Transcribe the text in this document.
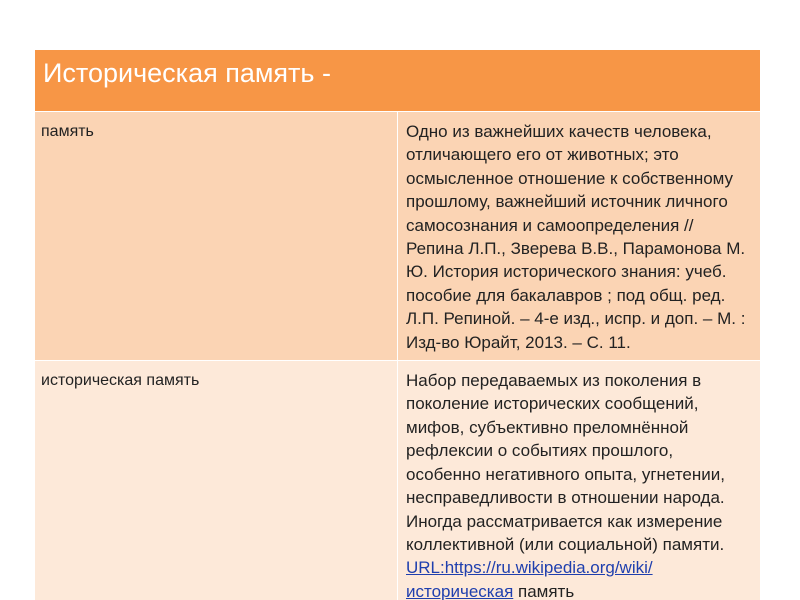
Историческая память -	
память	Одно из важнейших качеств человека, отличающего его от животных; это осмысленное отношение к собственному прошлому, важнейший источник личного самосознания и самоопределения // Репина Л.П., Зверева В.В., Парамонова М. Ю. История исторического знания: учеб. пособие для бакалавров ; под общ. ред. Л.П. Репиной. – 4-е изд., испр. и доп. – М. : Изд-во Юрайт, 2013. – С. 11.
историческая память	Набор передаваемых из поколения в поколение исторических сообщений, мифов, субъективно преломнённой рефлексии о событиях прошлого, особенно негативного опыта, угнетении, несправедливости в отношении народа. Иногда рассматривается как измерение коллективной (или социальной) памяти.
URL:https://ru.wikipedia.org/wiki/историческая память
